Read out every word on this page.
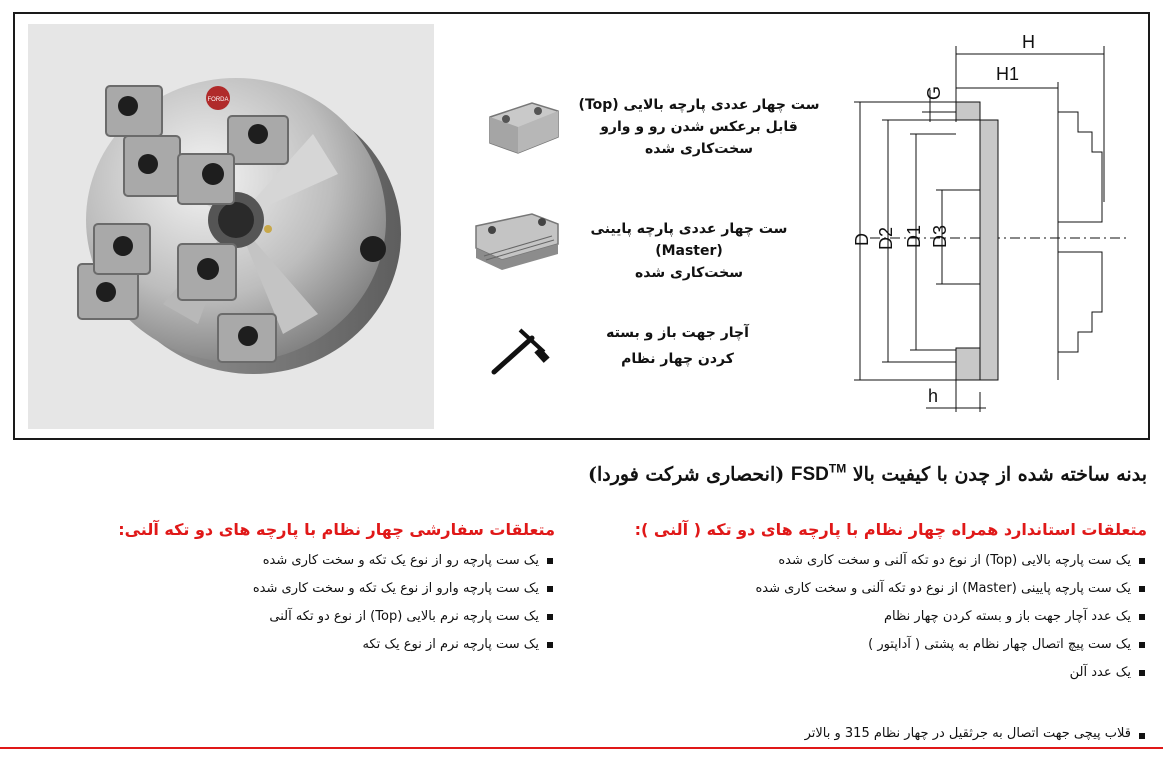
FORDA	ست چهار عددی پارچه بالایی (Top)
قابل برعکس شدن رو و وارو
سخت‌کاری شده
ست چهار عددی پارچه پایینی
(Master)
سخت‌کاری شده
آچار جهت باز و بسته
کردن چهار نظام
H
H1
G
D D2 D1 D3
h
بدنه ساخته شده از چدن با کیفیت بالا FSD™ (انحصاری شرکت فوردا)
متعلقات استاندارد همراه چهار نظام با پارچه های دو تکه ( آلنی ):
یک ست پارچه بالایی (Top) از نوع دو تکه آلنی و سخت کاری شده
یک ست پارچه پایینی (Master) از نوع دو تکه آلنی و سخت کاری شده
یک عدد آچار جهت باز و بسته کردن چهار نظام
یک ست پیچ اتصال چهار نظام به پشتی ( آداپتور )
یک عدد آلن
متعلقات سفارشی چهار نظام با پارچه های دو تکه آلنی:
یک ست پارچه رو از نوع یک تکه و سخت کاری شده
یک ست پارچه وارو از نوع یک تکه و سخت کاری شده
یک ست پارچه نرم بالایی (Top) از نوع دو تکه آلنی
یک ست پارچه نرم از نوع یک تکه
قلاب پیچی جهت اتصال به جرثقیل در چهار نظام 315 و بالاتر
